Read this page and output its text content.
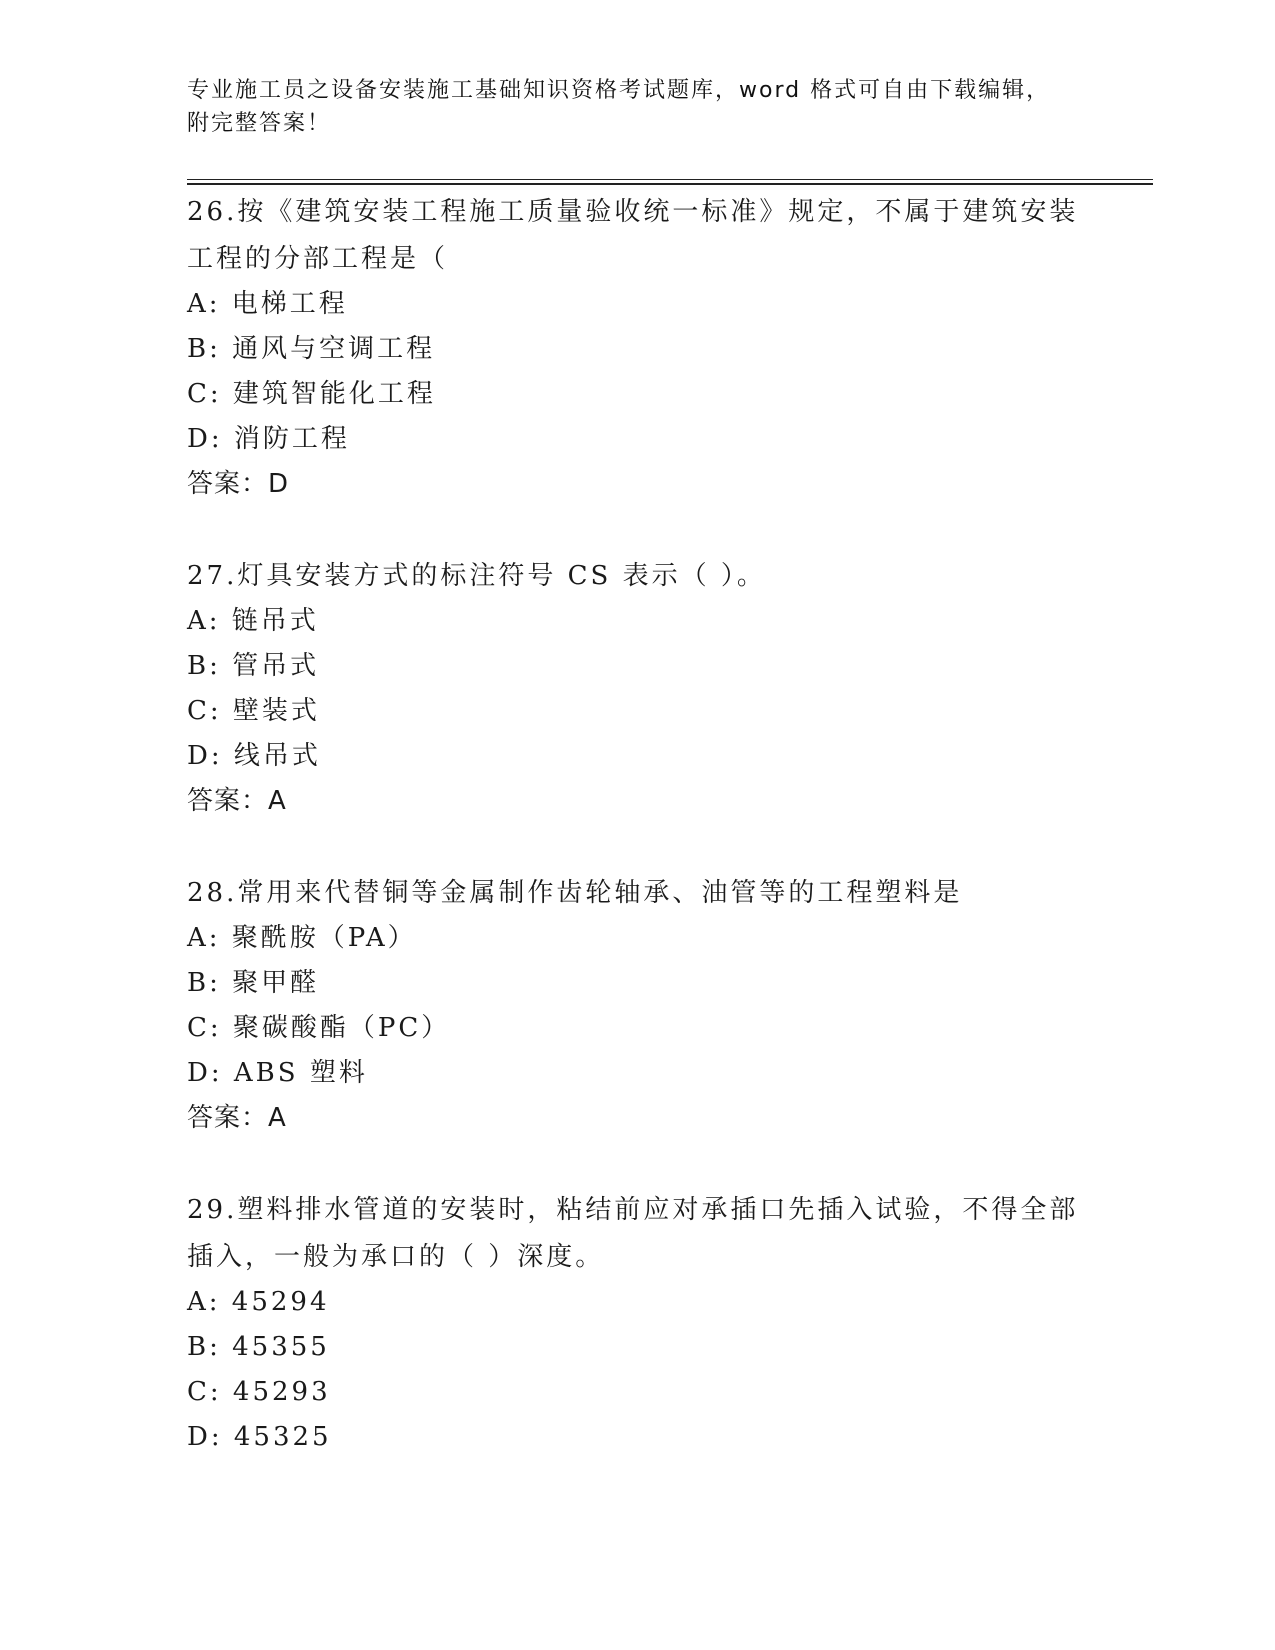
专业施工员之设备安装施工基础知识资格考试题库，word 格式可自由下载编辑，
附完整答案！
26.按《建筑安装工程施工质量验收统一标准》规定，不属于建筑安装
工程的分部工程是（
A: 电梯工程
B: 通风与空调工程
C: 建筑智能化工程
D: 消防工程
答案：D
27.灯具安装方式的标注符号 CS 表示（ ）。
A: 链吊式
B: 管吊式
C: 壁装式
D: 线吊式
答案：A
28.常用来代替铜等金属制作齿轮轴承、油管等的工程塑料是
A: 聚酰胺（PA）
B: 聚甲醛
C: 聚碳酸酯（PC）
D: ABS 塑料
答案：A
29.塑料排水管道的安装时，粘结前应对承插口先插入试验，不得全部
插入，一般为承口的（ ）深度。
A: 45294
B: 45355
C: 45293
D: 45325
